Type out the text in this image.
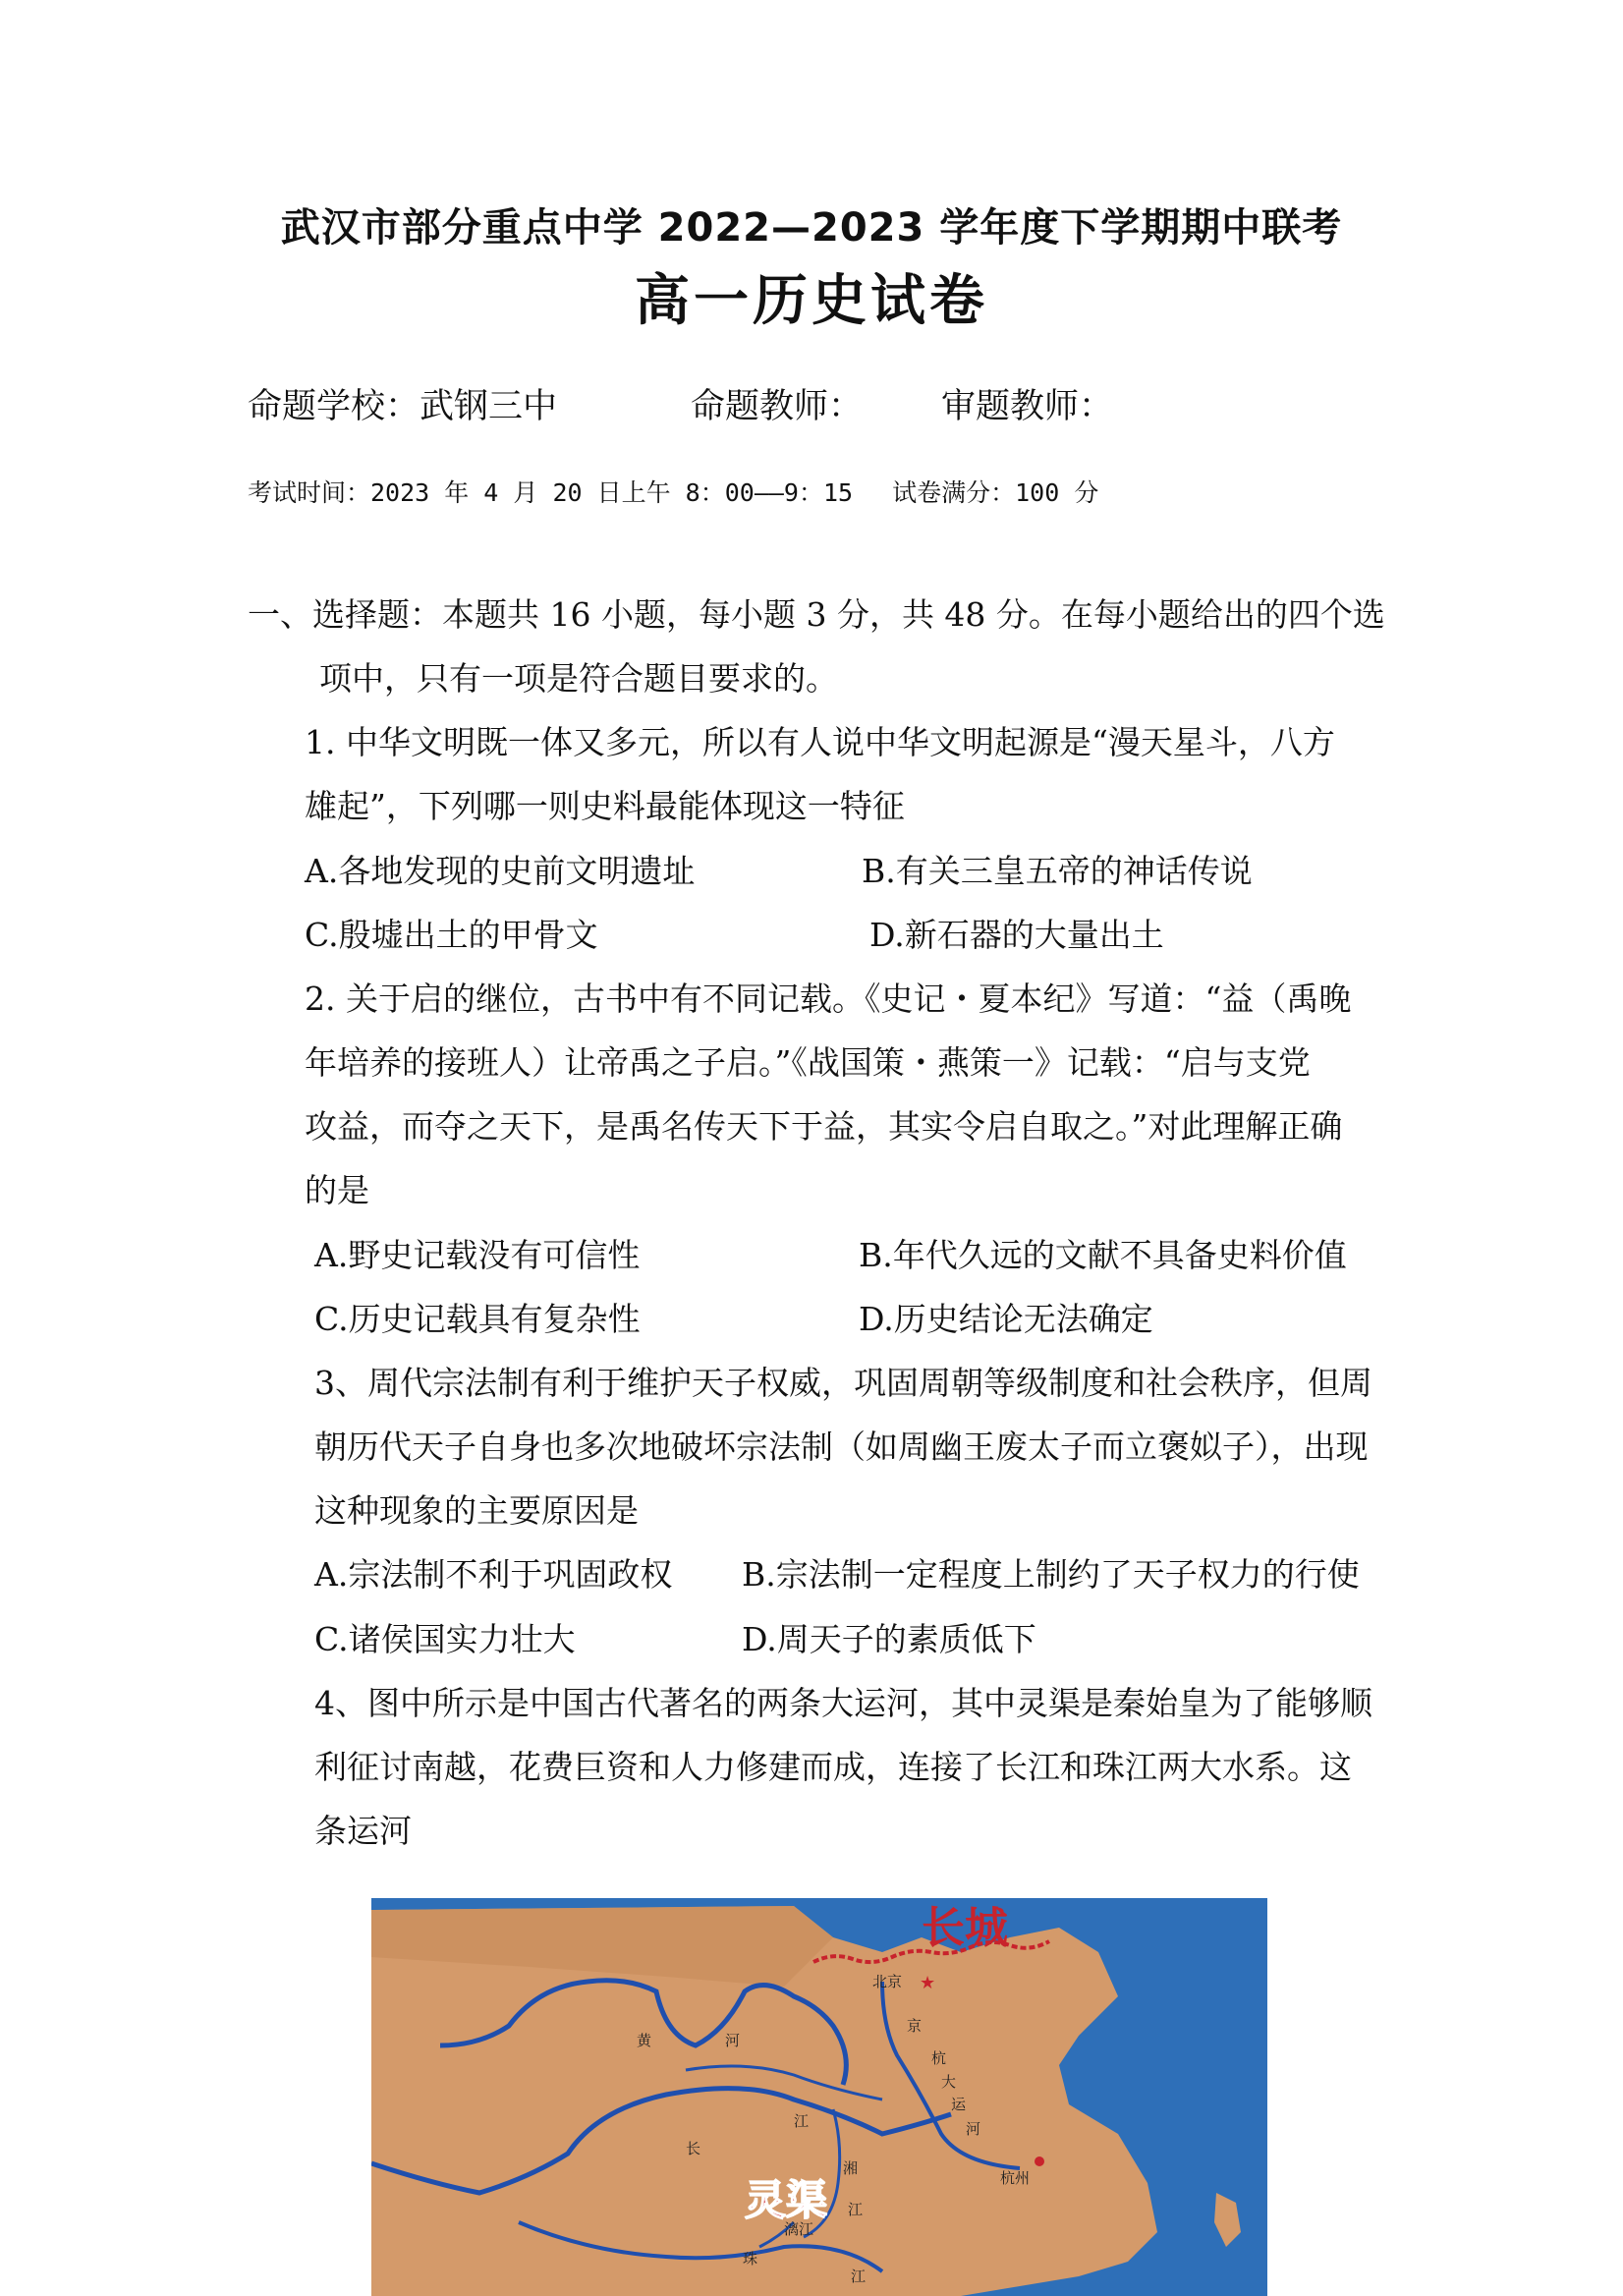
武汉市部分重点中学 2022—2023 学年度下学期期中联考
高一历史试卷
命题学校：武钢三中	命题教师： 审题教师：
考试时间：2023 年 4 月 20 日上午 8：00——9：15　 试卷满分：100 分
一、选择题：本题共 16 小题，每小题 3 分，共 48 分。在每小题给出的四个选
项中，只有一项是符合题目要求的。
1. 中华文明既一体又多元，所以有人说中华文明起源是“漫天星斗，八方
雄起”，下列哪一则史料最能体现这一特征
A.各地发现的史前文明遗址	B.有关三皇五帝的神话传说
C.殷墟出土的甲骨文	D.新石器的大量出土
2. 关于启的继位，古书中有不同记载。《史记・夏本纪》写道：“益（禹晚
年培养的接班人）让帝禹之子启。”《战国策・燕策一》记载：“启与支党
攻益，而夺之天下，是禹名传天下于益，其实令启自取之。”对此理解正确
的是
A.野史记载没有可信性	B.年代久远的文献不具备史料价值
C.历史记载具有复杂性	D.历史结论无法确定
3、周代宗法制有利于维护天子权威，巩固周朝等级制度和社会秩序，但周
朝历代天子自身也多次地破坏宗法制（如周幽王废太子而立褒姒子），出现
这种现象的主要原因是
A.宗法制不利于巩固政权 B.宗法制一定程度上制约了天子权力的行使
C.诸侯国实力壮大	D.周天子的素质低下
4、图中所示是中国古代著名的两条大运河，其中灵渠是秦始皇为了能够顺
利征讨南越，花费巨资和人力修建而成，连接了长江和珠江两大水系。这
条运河
长城
★
北京
杭州
黄	河
京
杭
大
运
河
长
江
湘
江
漓江
珠
江
灵渠
